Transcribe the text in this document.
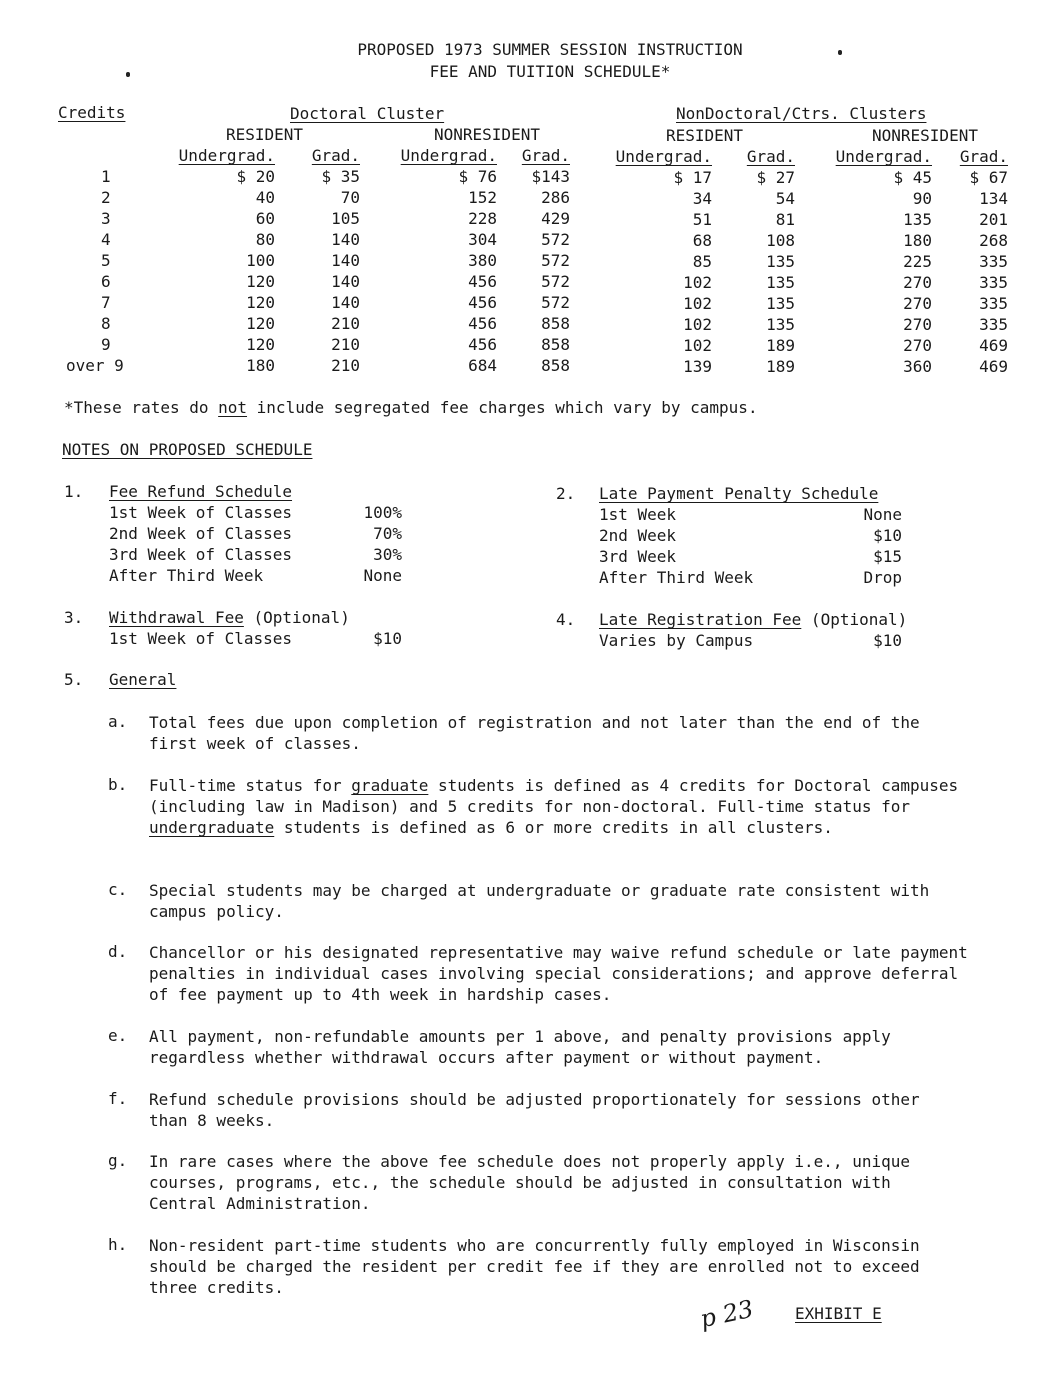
PROPOSED 1973 SUMMER SESSION INSTRUCTION
FEE AND TUITION SCHEDULE*
Credits	Doctoral Cluster	NonDoctoral/Ctrs. Clusters
RESIDENT	NONRESIDENT	RESIDENT	NONRESIDENT
Undergrad.	Grad.	Undergrad.	Grad.	Undergrad.	Grad.	Undergrad.	Grad.
1	$ 20	$ 35	$ 76	$143	$ 17	$ 27	$ 45	$ 67
2	40	70	152	286	34	54	90	134
3	60	105	228	429	51	81	135	201
4	80	140	304	572	68	108	180	268
5	100	140	380	572	85	135	225	335
6	120	140	456	572	102	135	270	335
7	120	140	456	572	102	135	270	335
8	120	210	456	858	102	135	270	335
9	120	210	456	858	102	189	270	469
over 9	180	210	684	858	139	189	360	469
*These rates do not include segregated fee charges which vary by campus.
NOTES ON PROPOSED SCHEDULE
1. Fee Refund Schedule
1st Week of Classes	100%
2nd Week of Classes	70%
3rd Week of Classes	30%
After Third Week	None
2. Late Payment Penalty Schedule
1st Week	None
2nd Week	$10
3rd Week	$15
After Third Week	Drop
3. Withdrawal Fee (Optional)
1st Week of Classes	$10
4. Late Registration Fee (Optional)
Varies by Campus	$10
5. General
a. Total fees due upon completion of registration and not later than the end of the first week of classes.
b. Full-time status for graduate students is defined as 4 credits for Doctoral campuses (including law in Madison) and 5 credits for non-doctoral. Full-time status for undergraduate students is defined as 6 or more credits in all clusters.
c. Special students may be charged at undergraduate or graduate rate consistent with campus policy.
d. Chancellor or his designated representative may waive refund schedule or late payment penalties in individual cases involving special considerations; and approve deferral of fee payment up to 4th week in hardship cases.
e. All payment, non-refundable amounts per 1 above, and penalty provisions apply regardless whether withdrawal occurs after payment or without payment.
f. Refund schedule provisions should be adjusted proportionately for sessions other than 8 weeks.
g. In rare cases where the above fee schedule does not properly apply i.e., unique courses, programs, etc., the schedule should be adjusted in consultation with Central Administration.
h. Non-resident part-time students who are concurrently fully employed in Wisconsin should be charged the resident per credit fee if they are enrolled not to exceed three credits.
p 23 EXHIBIT E
